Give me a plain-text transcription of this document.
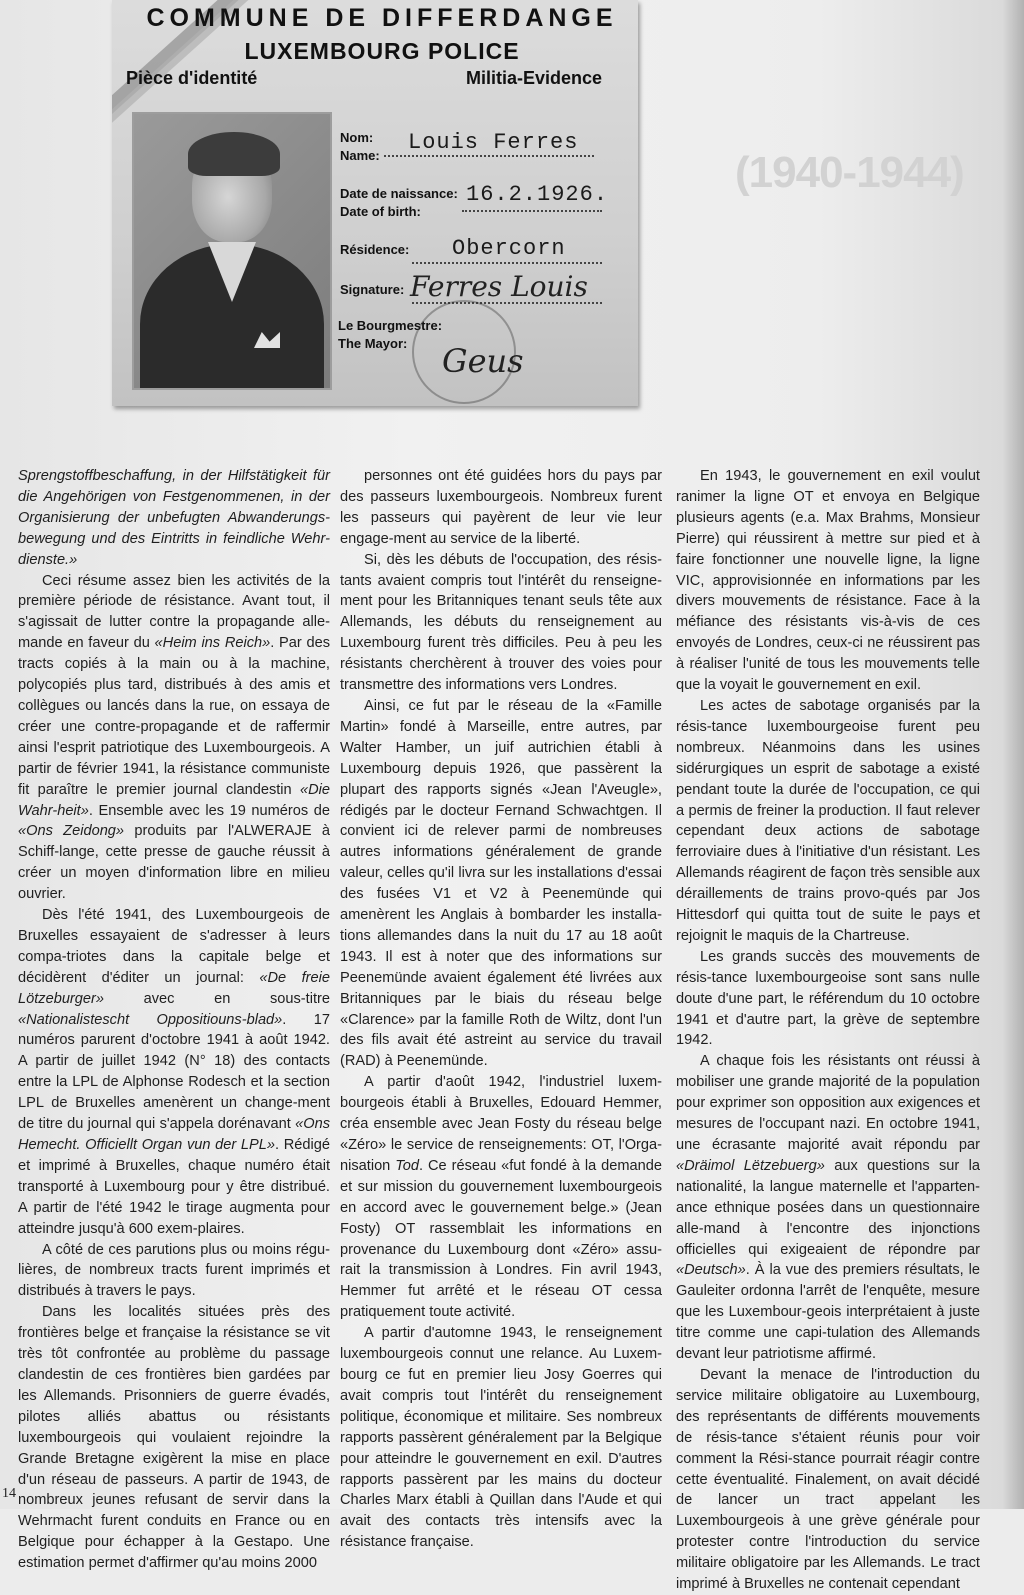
(1940-1944)
COMMUNE DE DIFFERDANGE
LUXEMBOURG POLICE
Pièce d'identité	Militia-Evidence
Nom:
Name:
Louis Ferres
Date de naissance:
Date of birth:
16.2.1926.
Résidence: Obercorn
Signature: Ferres Louis
Le Bourgmestre:
The Mayor: Geus

Sprengstoffbeschaffung, in der Hilfstätigkeit für die Angehörigen von Festgenommenen, in der Organisierung der unbefugten Abwanderungs-bewegung und des Eintritts in feindliche Wehr-dienste.»

Ceci résume assez bien les activités de la première période de résistance. Avant tout, il s'agissait de lutter contre la propagande alle-mande en faveur du «Heim ins Reich». Par des tracts copiés à la main ou à la machine, polycopiés plus tard, distribués à des amis et collègues ou lancés dans la rue, on essaya de créer une contre-propagande et de raffermir ainsi l'esprit patriotique des Luxembourgeois. A partir de février 1941, la résistance communiste fit paraître le premier journal clandestin «Die Wahr-heit». Ensemble avec les 19 numéros de «Ons Zeidong» produits par l'ALWERAJE à Schiff-lange, cette presse de gauche réussit à créer un moyen d'information libre en milieu ouvrier.

Dès l'été 1941, des Luxembourgeois de Bruxelles essayaient de s'adresser à leurs compa-triotes dans la capitale belge et décidèrent d'éditer un journal: «De freie Lötzeburger» avec en sous-titre «Nationalistescht Oppositiouns-blad». 17 numéros parurent d'octobre 1941 à août 1942. A partir de juillet 1942 (N° 18) des contacts entre la LPL de Alphonse Rodesch et la section LPL de Bruxelles amenèrent un change-ment de titre du journal qui s'appela dorénavant «Ons Hemecht. Officiellt Organ vun der LPL». Rédigé et imprimé à Bruxelles, chaque numéro était transporté à Luxembourg pour y être distribué. A partir de l'été 1942 le tirage augmenta pour atteindre jusqu'à 600 exem-plaires.

A côté de ces parutions plus ou moins régu-lières, de nombreux tracts furent imprimés et distribués à travers le pays.

Dans les localités situées près des frontières belge et française la résistance se vit très tôt confrontée au problème du passage clandestin de ces frontières bien gardées par les Allemands. Prisonniers de guerre évadés, pilotes alliés abattus ou résistants luxembourgeois qui voulaient rejoindre la Grande Bretagne exigèrent la mise en place d'un réseau de passeurs. A partir de 1943, de nombreux jeunes refusant de servir dans la Wehrmacht furent conduits en France ou en Belgique pour échapper à la Gestapo. Une estimation permet d'affirmer qu'au moins 2000

personnes ont été guidées hors du pays par des passeurs luxembourgeois. Nombreux furent les passeurs qui payèrent de leur vie leur engage-ment au service de la liberté.

Si, dès les débuts de l'occupation, des résis-tants avaient compris tout l'intérêt du renseigne-ment pour les Britanniques tenant seuls tête aux Allemands, les débuts du renseignement au Luxembourg furent très difficiles. Peu à peu les résistants cherchèrent à trouver des voies pour transmettre des informations vers Londres.

Ainsi, ce fut par le réseau de la «Famille Martin» fondé à Marseille, entre autres, par Walter Hamber, un juif autrichien établi à Luxembourg depuis 1926, que passèrent la plupart des rapports signés «Jean l'Aveugle», rédigés par le docteur Fernand Schwachtgen. Il convient ici de relever parmi de nombreuses autres informations généralement de grande valeur, celles qu'il livra sur les installations d'essai des fusées V1 et V2 à Peenemünde qui amenèrent les Anglais à bombarder les installa-tions allemandes dans la nuit du 17 au 18 août 1943. Il est à noter que des informations sur Peenemünde avaient également été livrées aux Britanniques par le biais du réseau belge «Clarence» par la famille Roth de Wiltz, dont l'un des fils avait été astreint au service du travail (RAD) à Peenemünde.

A partir d'août 1942, l'industriel luxem-bourgeois établi à Bruxelles, Edouard Hemmer, créa ensemble avec Jean Fosty du réseau belge «Zéro» le service de renseignements: OT, l'Orga-nisation Tod. Ce réseau «fut fondé à la demande et sur mission du gouvernement luxembourgeois en accord avec le gouvernement belge.» (Jean Fosty) OT rassemblait les informations en provenance du Luxembourg dont «Zéro» assu-rait la transmission à Londres. Fin avril 1943, Hemmer fut arrêté et le réseau OT cessa pratiquement toute activité.

A partir d'automne 1943, le renseignement luxembourgeois connut une relance. Au Luxem-bourg ce fut en premier lieu Josy Goerres qui avait compris tout l'intérêt du renseignement politique, économique et militaire. Ses nombreux rapports passèrent généralement par la Belgique pour atteindre le gouvernement en exil. D'autres rapports passèrent par les mains du docteur Charles Marx établi à Quillan dans l'Aude et qui avait des contacts très intensifs avec la résistance française.

En 1943, le gouvernement en exil voulut ranimer la ligne OT et envoya en Belgique plusieurs agents (e.a. Max Brahms, Monsieur Pierre) qui réussirent à mettre sur pied et à faire fonctionner une nouvelle ligne, la ligne VIC, approvisionnée en informations par les divers mouvements de résistance. Face à la méfiance des résistants vis-à-vis de ces envoyés de Londres, ceux-ci ne réussirent pas à réaliser l'unité de tous les mouvements telle que la voyait le gouvernement en exil.

Les actes de sabotage organisés par la résis-tance luxembourgeoise furent peu nombreux. Néanmoins dans les usines sidérurgiques un esprit de sabotage a existé pendant toute la durée de l'occupation, ce qui a permis de freiner la production. Il faut relever cependant deux actions de sabotage ferroviaire dues à l'initiative d'un résistant. Les Allemands réagirent de façon très sensible aux déraillements de trains provo-qués par Jos Hittesdorf qui quitta tout de suite le pays et rejoignit le maquis de la Chartreuse.

Les grands succès des mouvements de résis-tance luxembourgeoise sont sans nulle doute d'une part, le référendum du 10 octobre 1941 et d'autre part, la grève de septembre 1942.

A chaque fois les résistants ont réussi à mobiliser une grande majorité de la population pour exprimer son opposition aux exigences et mesures de l'occupant nazi. En octobre 1941, une écrasante majorité avait répondu par «Dräimol Lëtzebuerg» aux questions sur la nationalité, la langue maternelle et l'apparten-ance ethnique posées dans un questionnaire alle-mand à l'encontre des injonctions officielles qui exigeaient de répondre par «Deutsch». À la vue des premiers résultats, le Gauleiter ordonna l'arrêt de l'enquête, mesure que les Luxembour-geois interprétaient à juste titre comme une capi-tulation des Allemands devant leur patriotisme affirmé.

Devant la menace de l'introduction du service militaire obligatoire au Luxembourg, des représentants de différents mouvements de résis-tance s'étaient réunis pour voir comment la Rési-stance pourrait réagir contre cette éventualité. Finalement, on avait décidé de lancer un tract appelant les Luxembourgeois à une grève générale pour protester contre l'introduction du service militaire obligatoire par les Allemands. Le tract imprimé à Bruxelles ne contenait cependant

14
